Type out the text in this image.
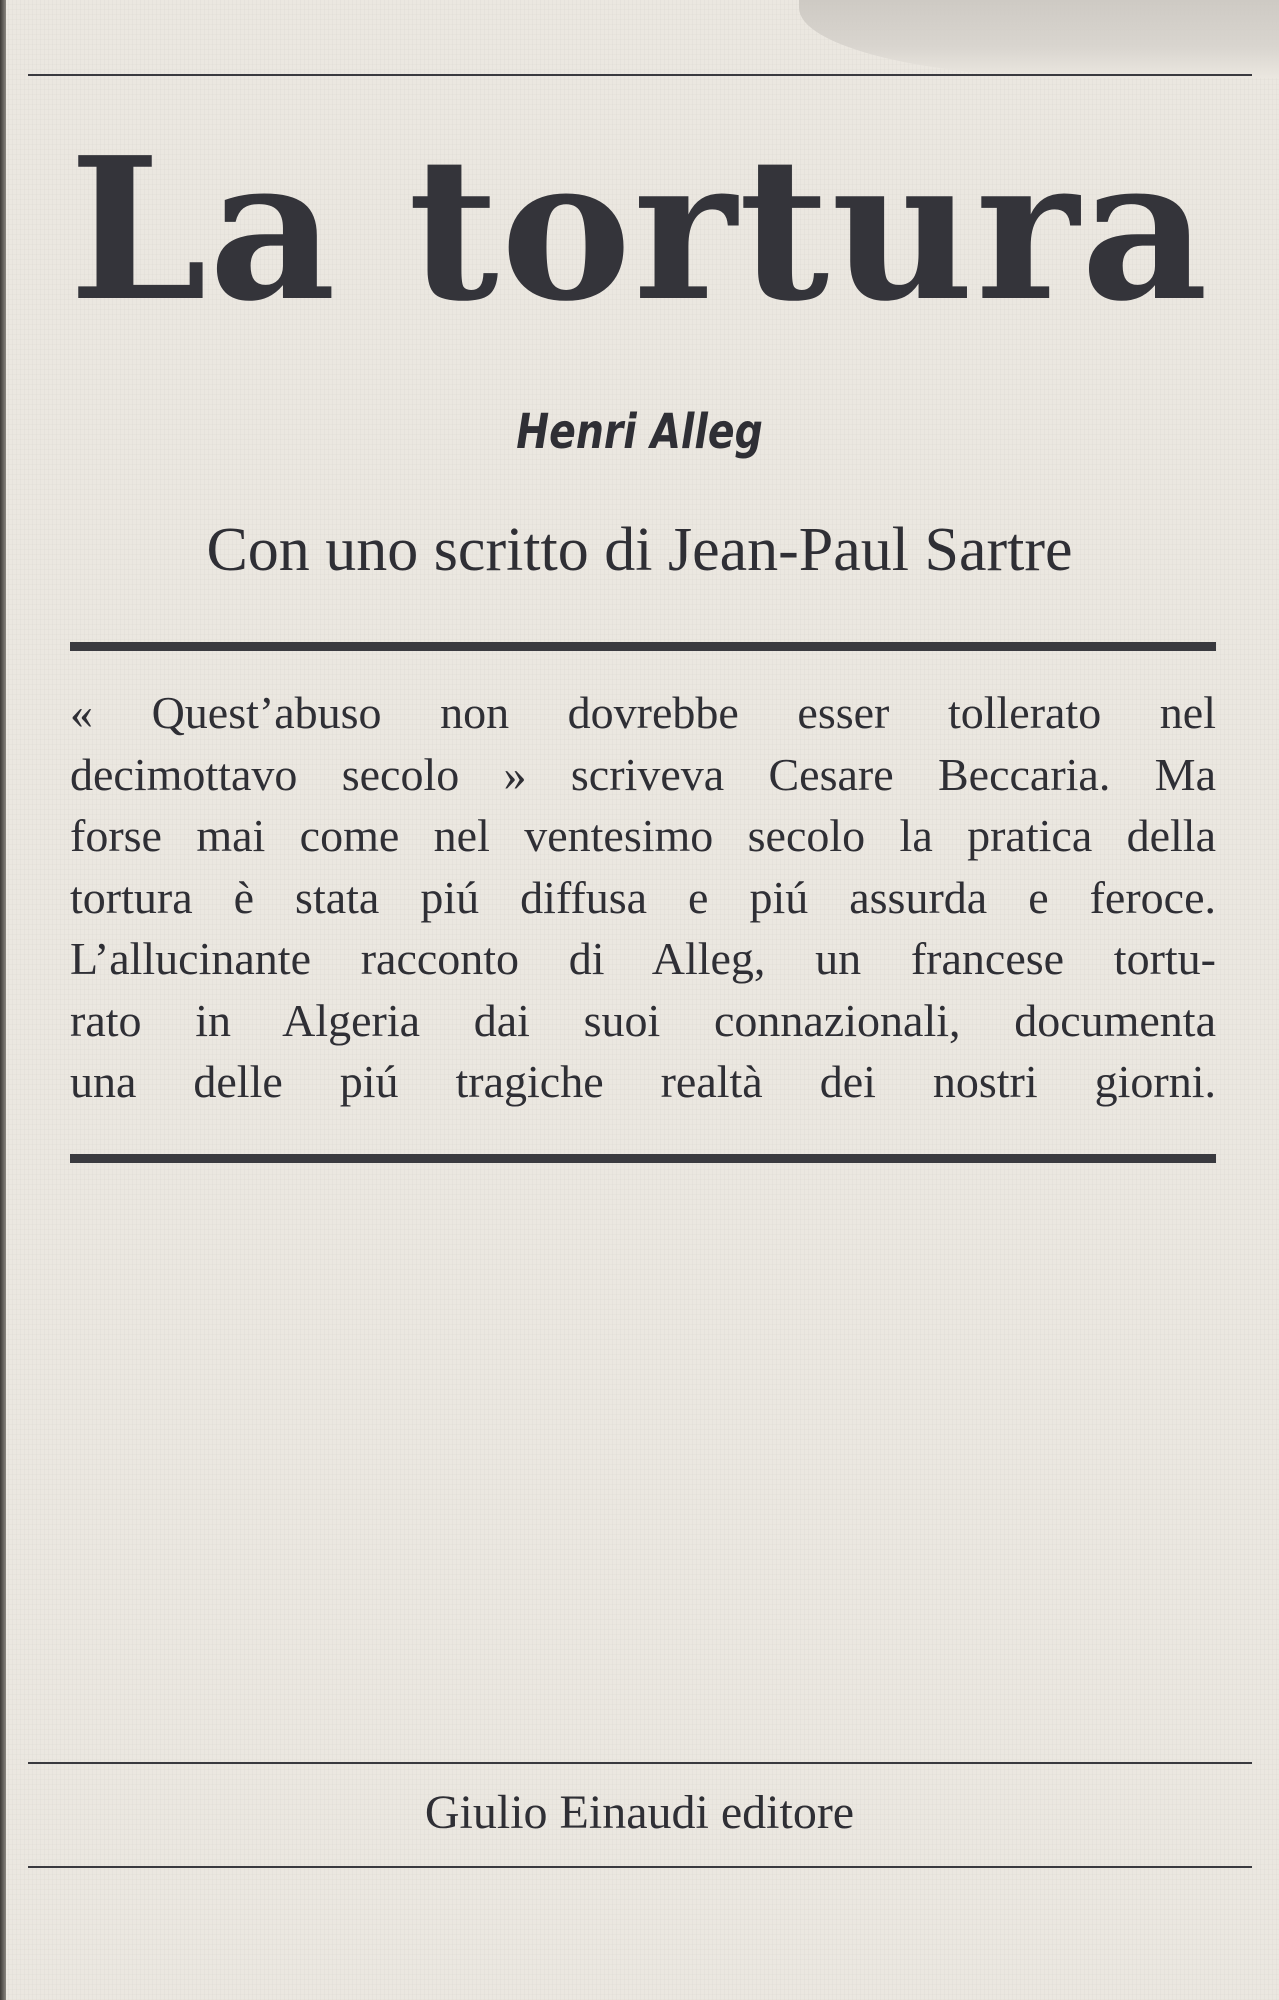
La tortura
Henri Alleg
Con uno scritto di Jean-Paul Sartre
« Quest’abuso non dovrebbe esser tollerato nel
decimottavo secolo » scriveva Cesare Beccaria. Ma
forse mai come nel ventesimo secolo la pratica della
tortura è stata piú diffusa e piú assurda e feroce.
L’allucinante racconto di Alleg, un francese tortu-
rato in Algeria dai suoi connazionali, documenta
una delle piú tragiche realtà dei nostri giorni.
Giulio Einaudi editore
